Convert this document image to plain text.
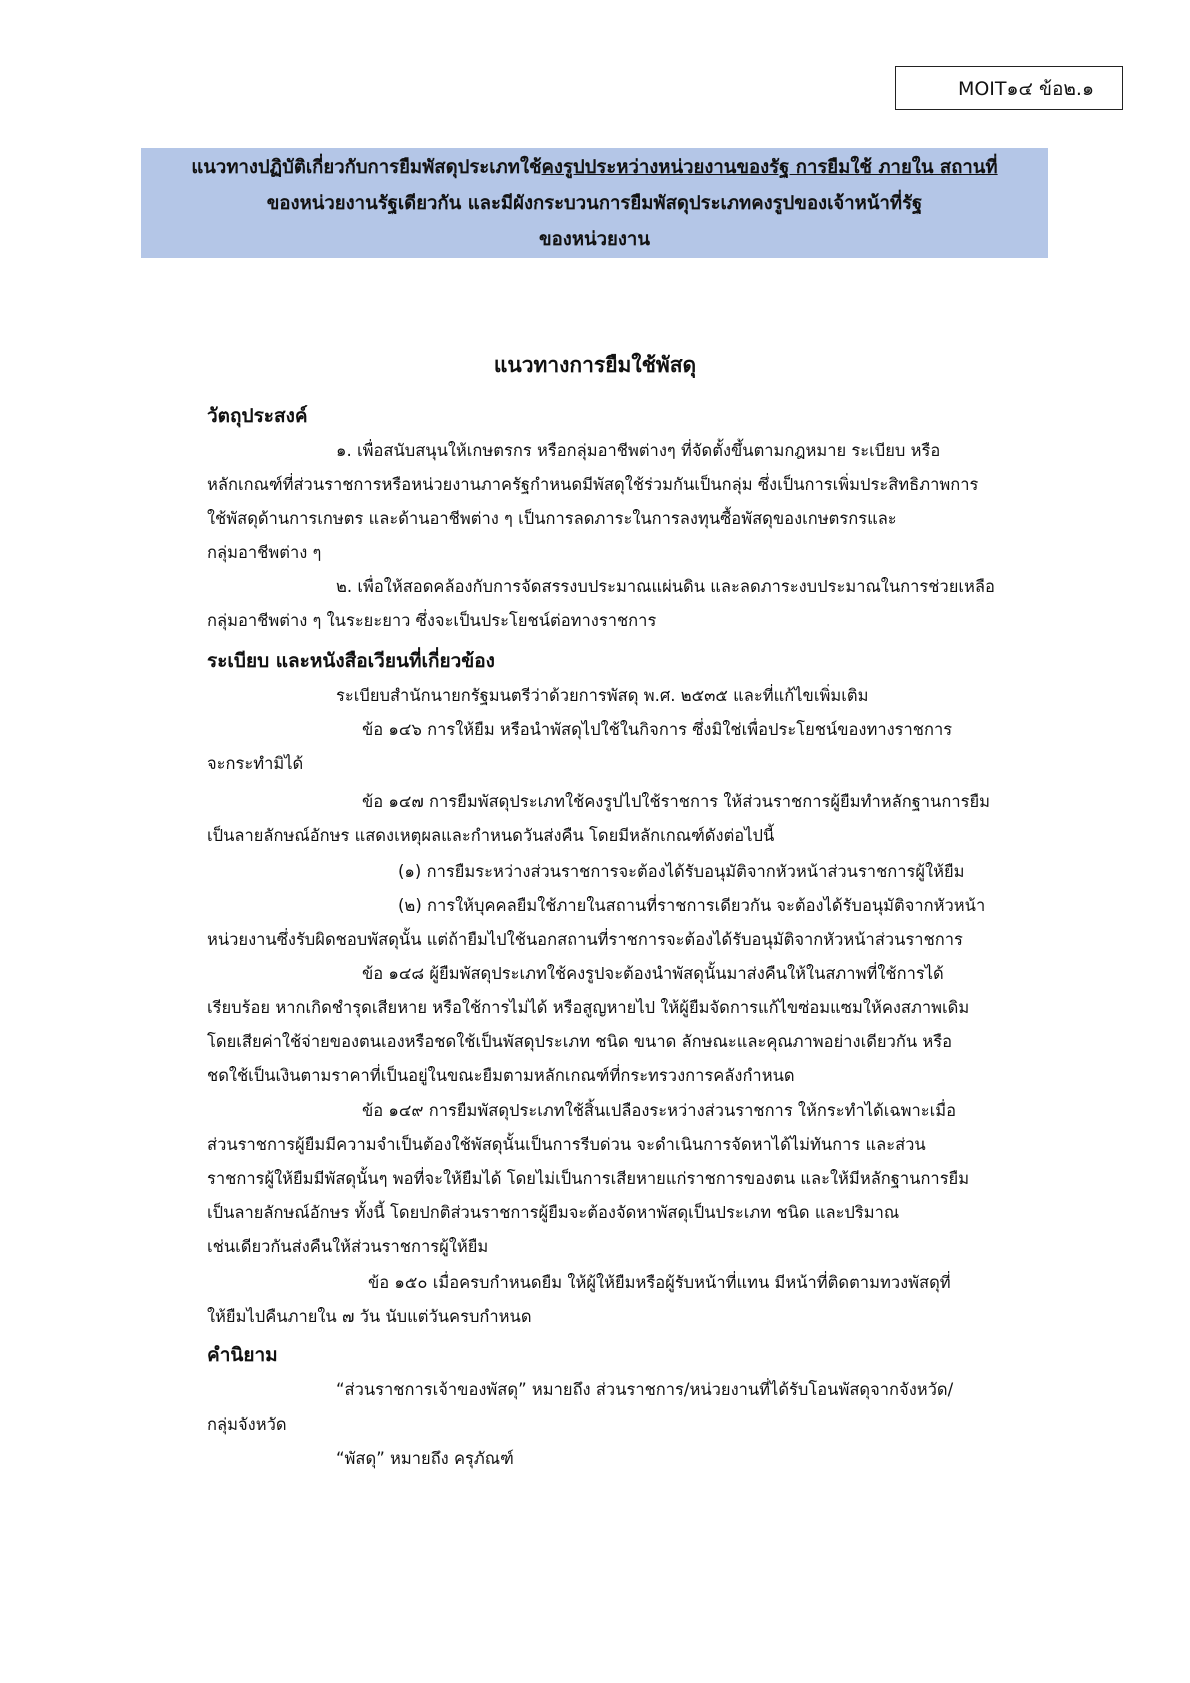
MOIT๑๔ ข้อ๒.๑
แนวทางปฏิบัติเกี่ยวกับการยืมพัสดุประเภทใช้คงรูปประหว่างหน่วยงานของรัฐ การยืมใช้ ภายใน สถานที่
ของหน่วยงานรัฐเดียวกัน และมีผังกระบวนการยืมพัสดุประเภทคงรูปของเจ้าหน้าที่รัฐ
ของหน่วยงาน
แนวทางการยืมใช้พัสดุ
วัตถุประสงค์
๑. เพื่อสนับสนุนให้เกษตรกร หรือกลุ่มอาชีพต่างๆ ที่จัดตั้งขึ้นตามกฎหมาย ระเบียบ หรือ
หลักเกณฑ์ที่ส่วนราชการหรือหน่วยงานภาครัฐกำหนดมีพัสดุใช้ร่วมกันเป็นกลุ่ม ซึ่งเป็นการเพิ่มประสิทธิภาพการ
ใช้พัสดุด้านการเกษตร และด้านอาชีพต่าง ๆ เป็นการลดภาระในการลงทุนซื้อพัสดุของเกษตรกรและ
กลุ่มอาชีพต่าง ๆ
๒. เพื่อให้สอดคล้องกับการจัดสรรงบประมาณแผ่นดิน และลดภาระงบประมาณในการช่วยเหลือ
กลุ่มอาชีพต่าง ๆ ในระยะยาว ซึ่งจะเป็นประโยชน์ต่อทางราชการ
ระเบียบ และหนังสือเวียนที่เกี่ยวข้อง
ระเบียบสำนักนายกรัฐมนตรีว่าด้วยการพัสดุ พ.ศ. ๒๕๓๕ และที่แก้ไขเพิ่มเติม
ข้อ ๑๔๖ การให้ยืม หรือนำพัสดุไปใช้ในกิจการ ซึ่งมิใช่เพื่อประโยชน์ของทางราชการ
จะกระทำมิได้
ข้อ ๑๔๗ การยืมพัสดุประเภทใช้คงรูปไปใช้ราชการ ให้ส่วนราชการผู้ยืมทำหลักฐานการยืม
เป็นลายลักษณ์อักษร แสดงเหตุผลและกำหนดวันส่งคืน โดยมีหลักเกณฑ์ดังต่อไปนี้
(๑) การยืมระหว่างส่วนราชการจะต้องได้รับอนุมัติจากหัวหน้าส่วนราชการผู้ให้ยืม
(๒) การให้บุคคลยืมใช้ภายในสถานที่ราชการเดียวกัน จะต้องได้รับอนุมัติจากหัวหน้า
หน่วยงานซึ่งรับผิดชอบพัสดุนั้น แต่ถ้ายืมไปใช้นอกสถานที่ราชการจะต้องได้รับอนุมัติจากหัวหน้าส่วนราชการ
ข้อ ๑๔๘ ผู้ยืมพัสดุประเภทใช้คงรูปจะต้องนำพัสดุนั้นมาส่งคืนให้ในสภาพที่ใช้การได้
เรียบร้อย หากเกิดชำรุดเสียหาย หรือใช้การไม่ได้ หรือสูญหายไป ให้ผู้ยืมจัดการแก้ไขซ่อมแซมให้คงสภาพเดิม
โดยเสียค่าใช้จ่ายของตนเองหรือชดใช้เป็นพัสดุประเภท ชนิด ขนาด ลักษณะและคุณภาพอย่างเดียวกัน หรือ
ชดใช้เป็นเงินตามราคาที่เป็นอยู่ในขณะยืมตามหลักเกณฑ์ที่กระทรวงการคลังกำหนด
ข้อ ๑๔๙ การยืมพัสดุประเภทใช้สิ้นเปลืองระหว่างส่วนราชการ ให้กระทำได้เฉพาะเมื่อ
ส่วนราชการผู้ยืมมีความจำเป็นต้องใช้พัสดุนั้นเป็นการรีบด่วน จะดำเนินการจัดหาได้ไม่ทันการ และส่วน
ราชการผู้ให้ยืมมีพัสดุนั้นๆ พอที่จะให้ยืมได้ โดยไม่เป็นการเสียหายแก่ราชการของตน และให้มีหลักฐานการยืม
เป็นลายลักษณ์อักษร ทั้งนี้ โดยปกติส่วนราชการผู้ยืมจะต้องจัดหาพัสดุเป็นประเภท ชนิด และปริมาณ
เช่นเดียวกันส่งคืนให้ส่วนราชการผู้ให้ยืม
ข้อ ๑๕๐ เมื่อครบกำหนดยืม ให้ผู้ให้ยืมหรือผู้รับหน้าที่แทน มีหน้าที่ติดตามทวงพัสดุที่
ให้ยืมไปคืนภายใน ๗ วัน นับแต่วันครบกำหนด
คำนิยาม
“ส่วนราชการเจ้าของพัสดุ” หมายถึง ส่วนราชการ/หน่วยงานที่ได้รับโอนพัสดุจากจังหวัด/
กลุ่มจังหวัด
“พัสดุ” หมายถึง ครุภัณฑ์
